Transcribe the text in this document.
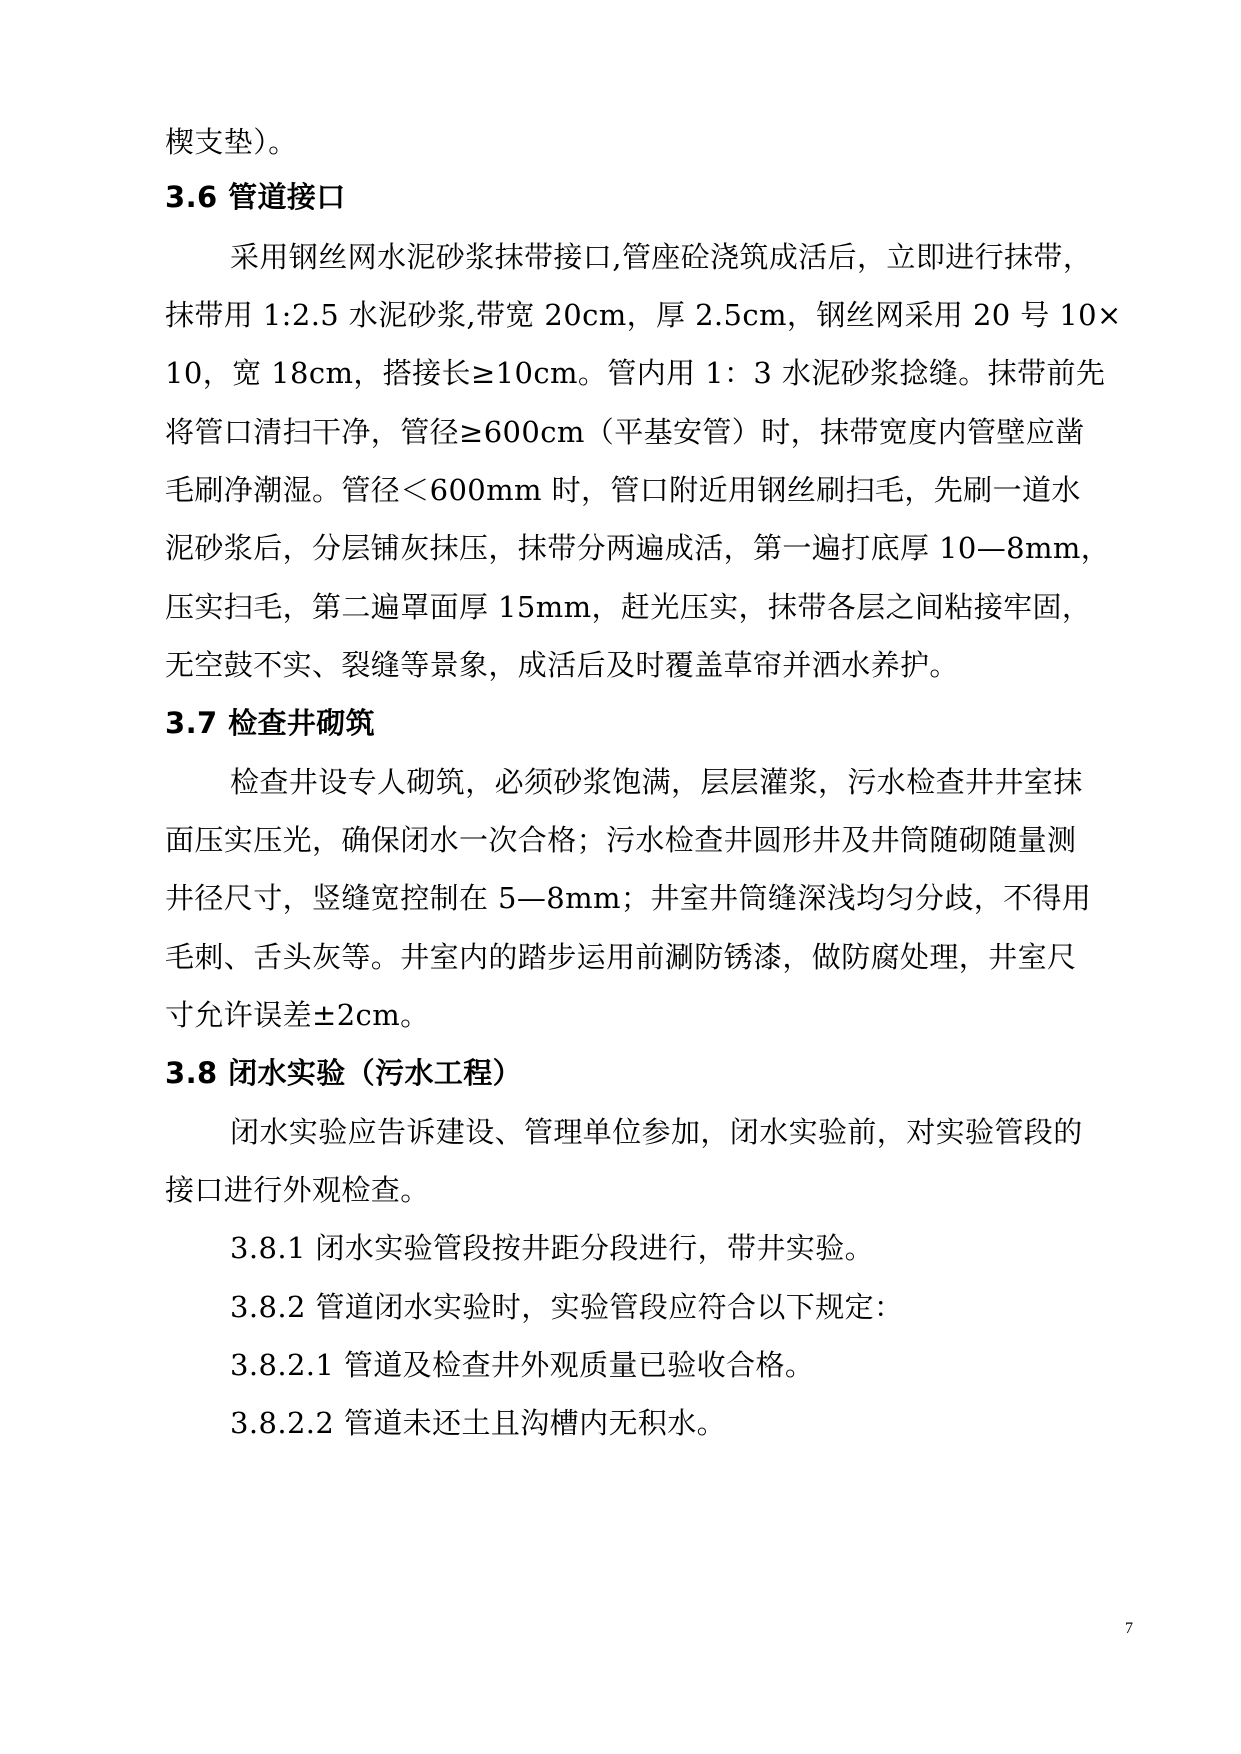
楔支垫）。
3.6 管道接口
采用钢丝网水泥砂浆抹带接口,管座砼浇筑成活后，立即进行抹带，
抹带用 1:2.5 水泥砂浆,带宽 20cm，厚 2.5cm，钢丝网采用 20 号 10×
10，宽 18cm，搭接长≥10cm。管内用 1：3 水泥砂浆捻缝。抹带前先
将管口清扫干净，管径≥600cm（平基安管）时，抹带宽度内管壁应凿
毛刷净潮湿。管径＜600mm 时，管口附近用钢丝刷扫毛，先刷一道水
泥砂浆后，分层铺灰抹压，抹带分两遍成活，第一遍打底厚 10—8mm，
压实扫毛，第二遍罩面厚 15mm，赶光压实，抹带各层之间粘接牢固，
无空鼓不实、裂缝等景象，成活后及时覆盖草帘并洒水养护。
3.7 检查井砌筑
检查井设专人砌筑，必须砂浆饱满，层层灌浆，污水检查井井室抹
面压实压光，确保闭水一次合格；污水检查井圆形井及井筒随砌随量测
井径尺寸，竖缝宽控制在 5—8mm；井室井筒缝深浅均匀分歧，不得用
毛刺、舌头灰等。井室内的踏步运用前涮防锈漆，做防腐处理，井室尺
寸允许误差±2cm。
3.8 闭水实验（污水工程）
闭水实验应告诉建设、管理单位参加，闭水实验前，对实验管段的
接口进行外观检查。
3.8.1 闭水实验管段按井距分段进行，带井实验。
3.8.2 管道闭水实验时，实验管段应符合以下规定：
3.8.2.1 管道及检查井外观质量已验收合格。
3.8.2.2 管道未还土且沟槽内无积水。
7
